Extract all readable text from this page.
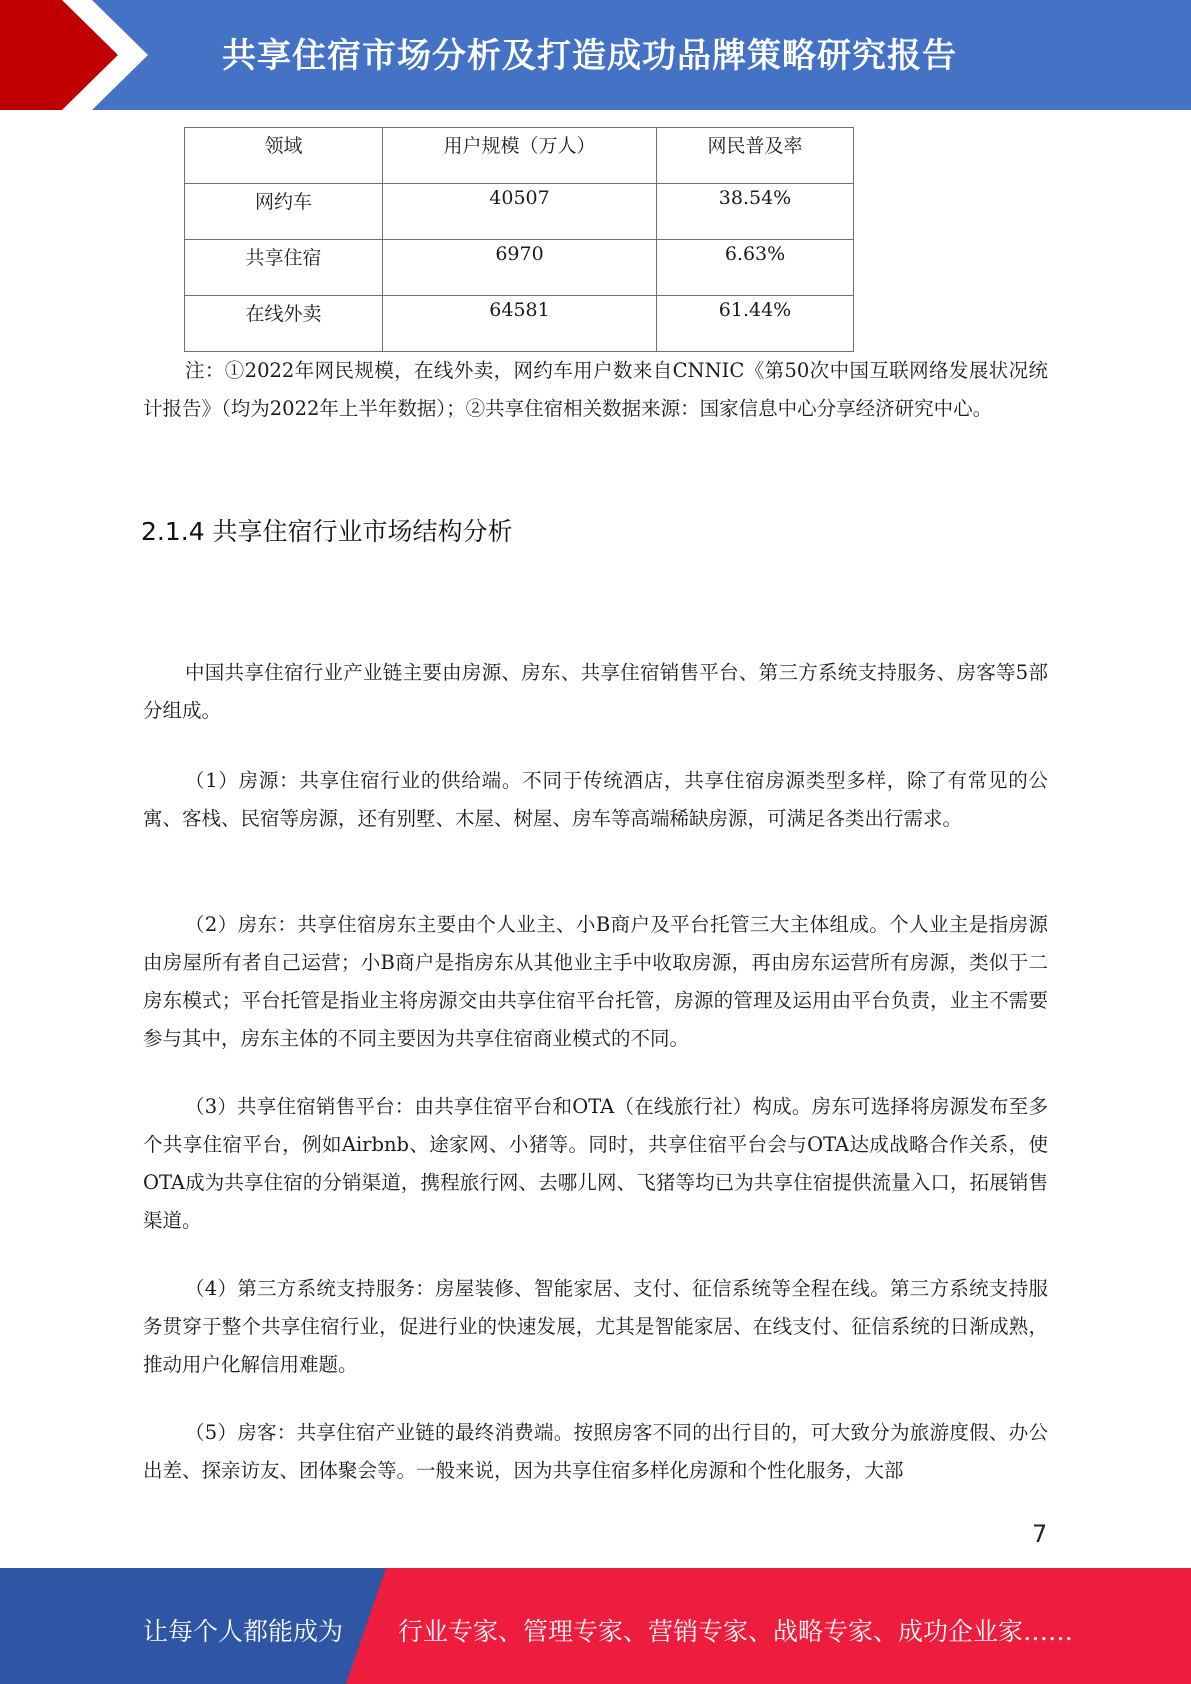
共享住宿市场分析及打造成功品牌策略研究报告
领域	用户规模（万人）	网民普及率
网约车	40507	38.54%
共享住宿	6970	6.63%
在线外卖	64581	61.44%

注：①2022年网民规模，在线外卖，网约车用户数来自CNNIC《第50次中国互联网络发展状况统计报告》（均为2022年上半年数据）；②共享住宿相关数据来源：国家信息中心分享经济研究中心。

2.1.4 共享住宿行业市场结构分析

中国共享住宿行业产业链主要由房源、房东、共享住宿销售平台、第三方系统支持服务、房客等5部分组成。

（1）房源：共享住宿行业的供给端。不同于传统酒店，共享住宿房源类型多样，除了有常见的公寓、客栈、民宿等房源，还有别墅、木屋、树屋、房车等高端稀缺房源，可满足各类出行需求。

（2）房东：共享住宿房东主要由个人业主、小B商户及平台托管三大主体组成。个人业主是指房源由房屋所有者自己运营；小B商户是指房东从其他业主手中收取房源，再由房东运营所有房源，类似于二房东模式；平台托管是指业主将房源交由共享住宿平台托管，房源的管理及运用由平台负责，业主不需要参与其中，房东主体的不同主要因为共享住宿商业模式的不同。

（3）共享住宿销售平台：由共享住宿平台和OTA（在线旅行社）构成。房东可选择将房源发布至多个共享住宿平台，例如Airbnb、途家网、小猪等。同时，共享住宿平台会与OTA达成战略合作关系，使OTA成为共享住宿的分销渠道，携程旅行网、去哪儿网、飞猪等均已为共享住宿提供流量入口，拓展销售渠道。

（4）第三方系统支持服务：房屋装修、智能家居、支付、征信系统等全程在线。第三方系统支持服务贯穿于整个共享住宿行业，促进行业的快速发展，尤其是智能家居、在线支付、征信系统的日渐成熟，推动用户化解信用难题。

（5）房客：共享住宿产业链的最终消费端。按照房客不同的出行目的，可大致分为旅游度假、办公出差、探亲访友、团体聚会等。一般来说，因为共享住宿多样化房源和个性化服务，大部

7
让每个人都能成为 行业专家、管理专家、营销专家、战略专家、成功企业家……
